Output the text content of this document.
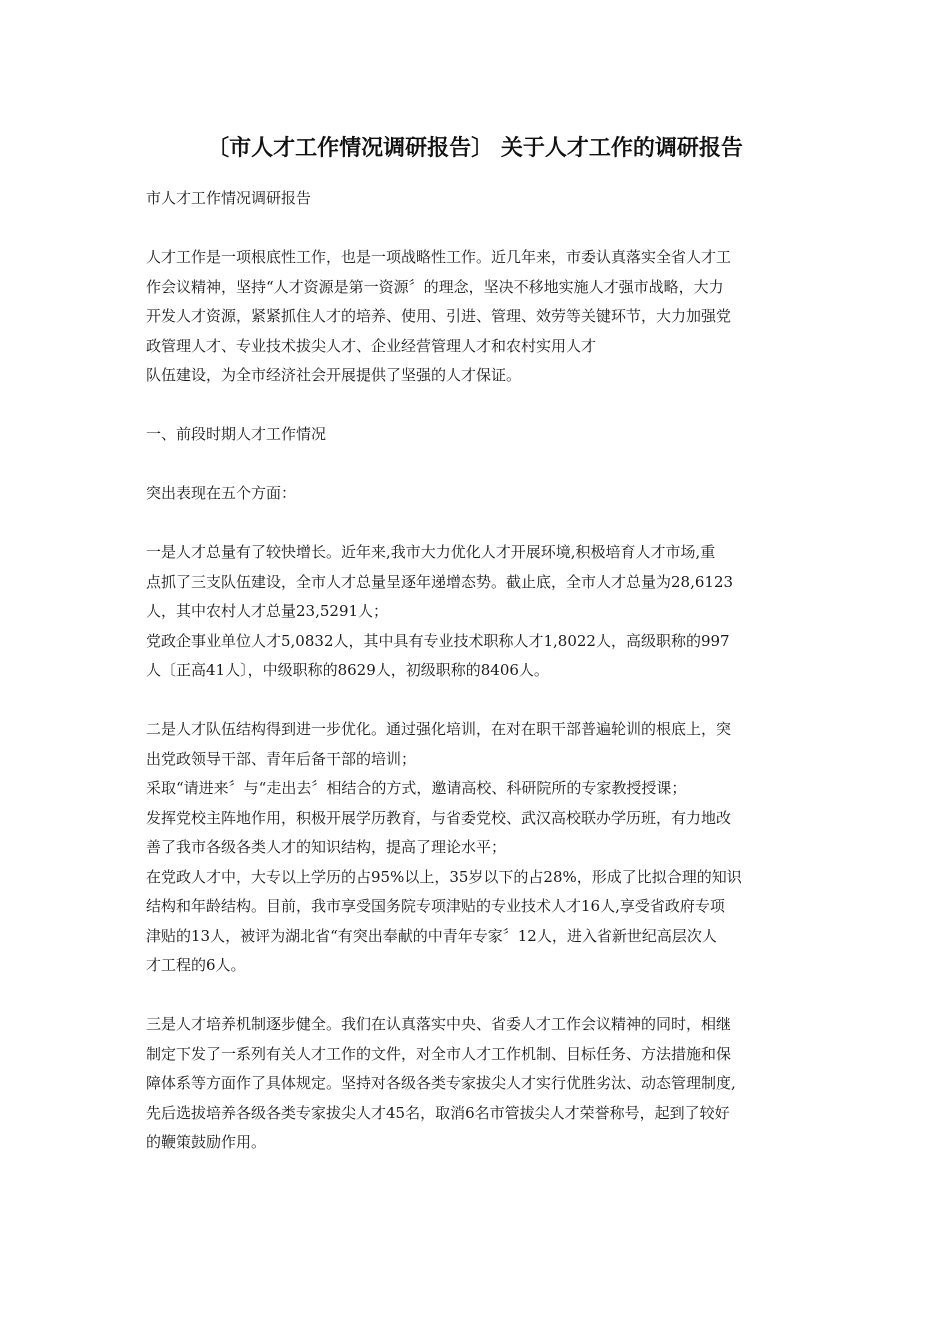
〔市人才工作情况调研报告〕 关于人才工作的调研报告
市人才工作情况调研报告
人才工作是一项根底性工作，也是一项战略性工作。近几年来，市委认真落实全省人才工
作会议精神，坚持“人才资源是第一资源〞的理念，坚决不移地实施人才强市战略，大力
开发人才资源，紧紧抓住人才的培养、使用、引进、管理、效劳等关键环节，大力加强党
政管理人才、专业技术拔尖人才、企业经营管理人才和农村实用人才
队伍建设，为全市经济社会开展提供了坚强的人才保证。
一、前段时期人才工作情况
突出表现在五个方面：
一是人才总量有了较快增长。近年来,我市大力优化人才开展环境,积极培育人才市场,重
点抓了三支队伍建设，全市人才总量呈逐年递增态势。截止底，全市人才总量为28,6123
人，其中农村人才总量23,5291人；
党政企事业单位人才5,0832人，其中具有专业技术职称人才1,8022人，高级职称的997
人〔正高41人〕，中级职称的8629人，初级职称的8406人。
二是人才队伍结构得到进一步优化。通过强化培训，在对在职干部普遍轮训的根底上，突
出党政领导干部、青年后备干部的培训；
采取“请进来〞与“走出去〞相结合的方式，邀请高校、科研院所的专家教授授课；
发挥党校主阵地作用，积极开展学历教育，与省委党校、武汉高校联办学历班，有力地改
善了我市各级各类人才的知识结构，提高了理论水平；
在党政人才中，大专以上学历的占95%以上，35岁以下的占28%，形成了比拟合理的知识
结构和年龄结构。目前，我市享受国务院专项津贴的专业技术人才16人,享受省政府专项
津贴的13人，被评为湖北省“有突出奉献的中青年专家〞12人，进入省新世纪高层次人
才工程的6人。
三是人才培养机制逐步健全。我们在认真落实中央、省委人才工作会议精神的同时，相继
制定下发了一系列有关人才工作的文件，对全市人才工作机制、目标任务、方法措施和保
障体系等方面作了具体规定。坚持对各级各类专家拔尖人才实行优胜劣汰、动态管理制度,
先后选拔培养各级各类专家拔尖人才45名，取消6名市管拔尖人才荣誉称号，起到了较好
的鞭策鼓励作用。
